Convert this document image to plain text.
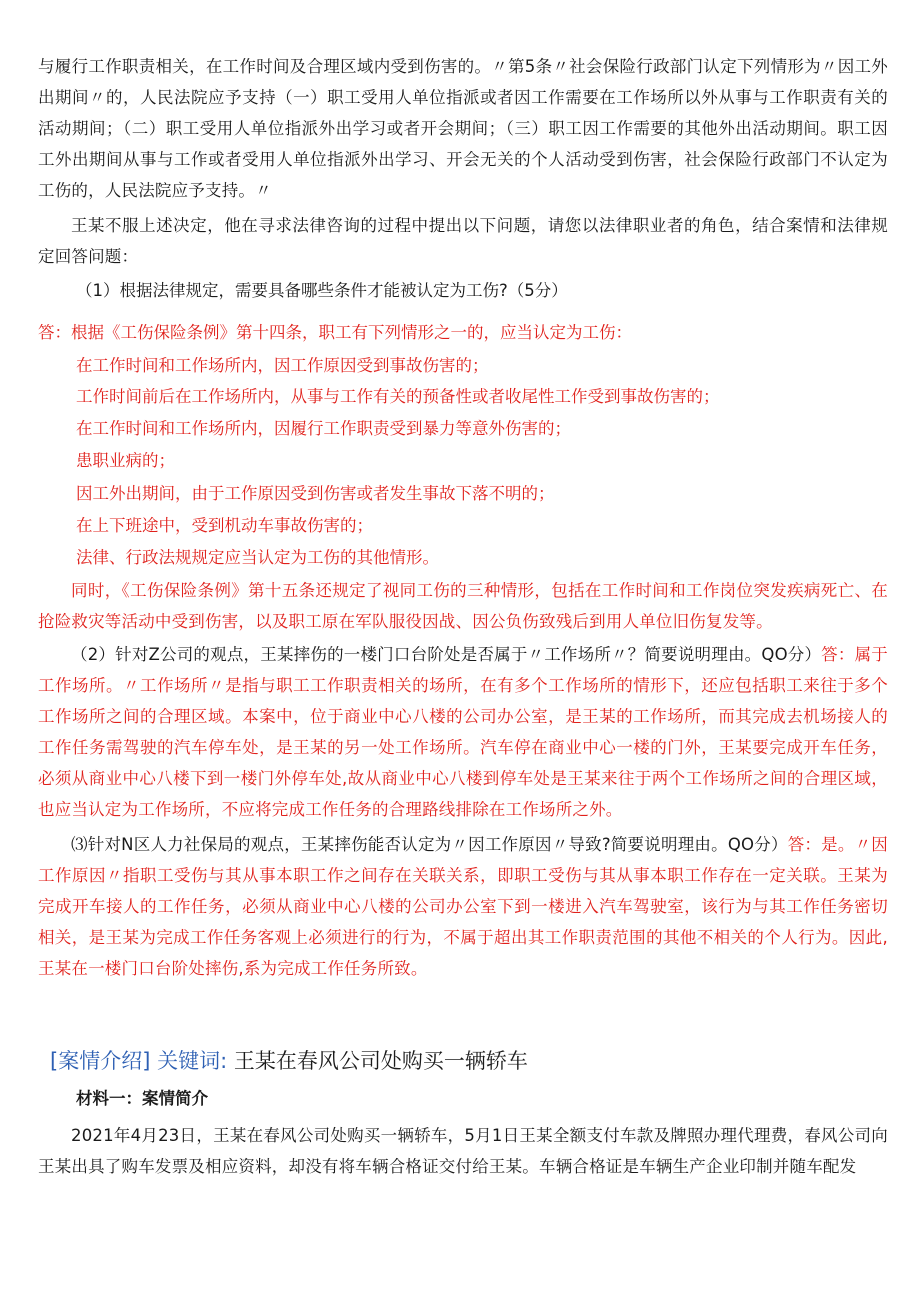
与履行工作职责相关，在工作时间及合理区域内受到伤害的。〃第5条〃社会保险行政部门认定下列情形为〃因工外出期间〃的，人民法院应予支持（一）职工受用人单位指派或者因工作需要在工作场所以外从事与工作职责有关的活动期间；（二）职工受用人单位指派外出学习或者开会期间；（三）职工因工作需要的其他外出活动期间。职工因工外出期间从事与工作或者受用人单位指派外出学习、开会无关的个人活动受到伤害，社会保险行政部门不认定为工伤的，人民法院应予支持。〃

王某不服上述决定，他在寻求法律咨询的过程中提出以下问题，请您以法律职业者的角色，结合案情和法律规定回答问题：

（1）根据法律规定，需要具备哪些条件才能被认定为工伤?（5分）

答：根据《工伤保险条例》第十四条，职工有下列情形之一的，应当认定为工伤：

在工作时间和工作场所内，因工作原因受到事故伤害的；

工作时间前后在工作场所内，从事与工作有关的预备性或者收尾性工作受到事故伤害的；

在工作时间和工作场所内，因履行工作职责受到暴力等意外伤害的；

患职业病的；

因工外出期间，由于工作原因受到伤害或者发生事故下落不明的；

在上下班途中，受到机动车事故伤害的；

法律、行政法规规定应当认定为工伤的其他情形。

同时，《工伤保险条例》第十五条还规定了视同工伤的三种情形，包括在工作时间和工作岗位突发疾病死亡、在抢险救灾等活动中受到伤害，以及职工原在军队服役因战、因公负伤致残后到用人单位旧伤复发等。

（2）针对Z公司的观点，王某摔伤的一楼门口台阶处是否属于〃工作场所〃？简要说明理由。QO分）答：属于工作场所。〃工作场所〃是指与职工工作职责相关的场所，在有多个工作场所的情形下，还应包括职工来往于多个工作场所之间的合理区域。本案中，位于商业中心八楼的公司办公室，是王某的工作场所，而其完成去机场接人的工作任务需驾驶的汽车停车处，是王某的另一处工作场所。汽车停在商业中心一楼的门外，王某要完成开车任务，必须从商业中心八楼下到一楼门外停车处,故从商业中心八楼到停车处是王某来往于两个工作场所之间的合理区域，也应当认定为工作场所，不应将完成工作任务的合理路线排除在工作场所之外。

⑶针对N区人力社保局的观点，王某摔伤能否认定为〃因工作原因〃导致?简要说明理由。QO分）答：是。〃因工作原因〃指职工受伤与其从事本职工作之间存在关联关系，即职工受伤与其从事本职工作存在一定关联。王某为完成开车接人的工作任务，必须从商业中心八楼的公司办公室下到一楼进入汽车驾驶室，该行为与其工作任务密切相关，是王某为完成工作任务客观上必须进行的行为，不属于超出其工作职责范围的其他不相关的个人行为。因此,王某在一楼门口台阶处摔伤,系为完成工作任务所致。

[案情介绍] 关键词: 王某在春风公司处购买一辆轿车
材料一：案情简介

2021年4月23日，王某在春风公司处购买一辆轿车，5月1日王某全额支付车款及牌照办理代理费，春风公司向王某出具了购车发票及相应资料，却没有将车辆合格证交付给王某。车辆合格证是车辆生产企业印制并随车配发
